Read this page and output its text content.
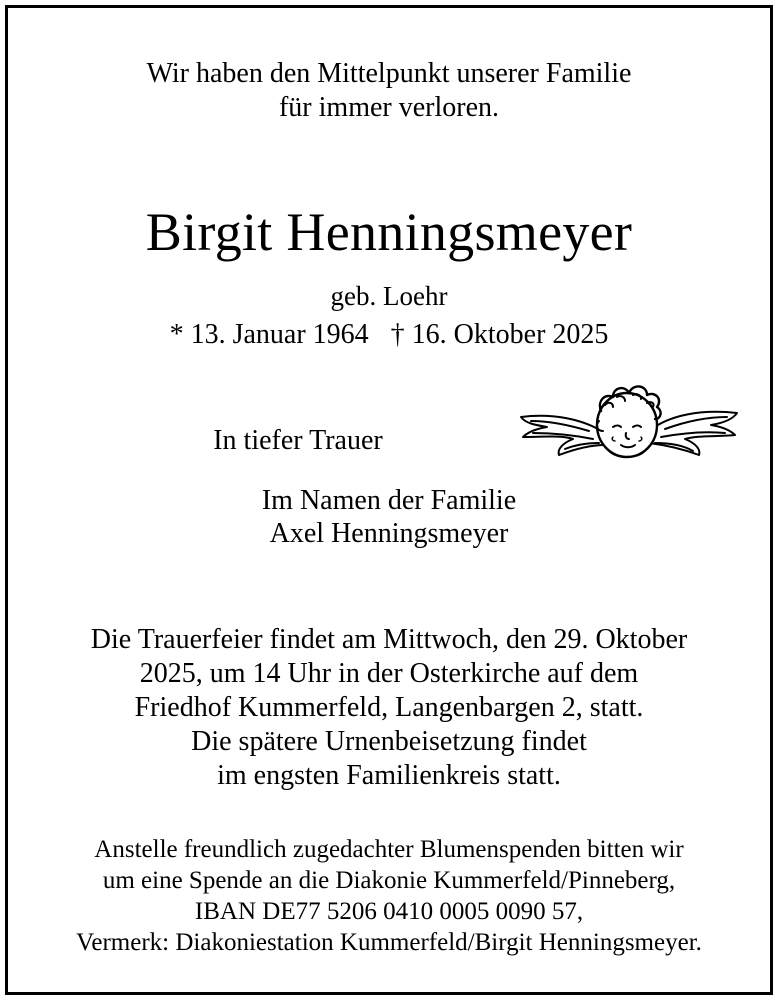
Wir haben den Mittelpunkt unserer Familie
für immer verloren.
Birgit Henningsmeyer
geb. Loehr
* 13. Januar 1964 † 16. Oktober 2025
In tiefer Trauer
Im Namen der Familie
Axel Henningsmeyer
Die Trauerfeier findet am Mittwoch, den 29. Oktober
2025, um 14 Uhr in der Osterkirche auf dem
Friedhof Kummerfeld, Langenbargen 2, statt.
Die spätere Urnenbeisetzung findet
im engsten Familienkreis statt.
Anstelle freundlich zugedachter Blumenspenden bitten wir
um eine Spende an die Diakonie Kummerfeld/Pinneberg,
IBAN DE77 5206 0410 0005 0090 57,
Vermerk: Diakoniestation Kummerfeld/Birgit Henningsmeyer.
